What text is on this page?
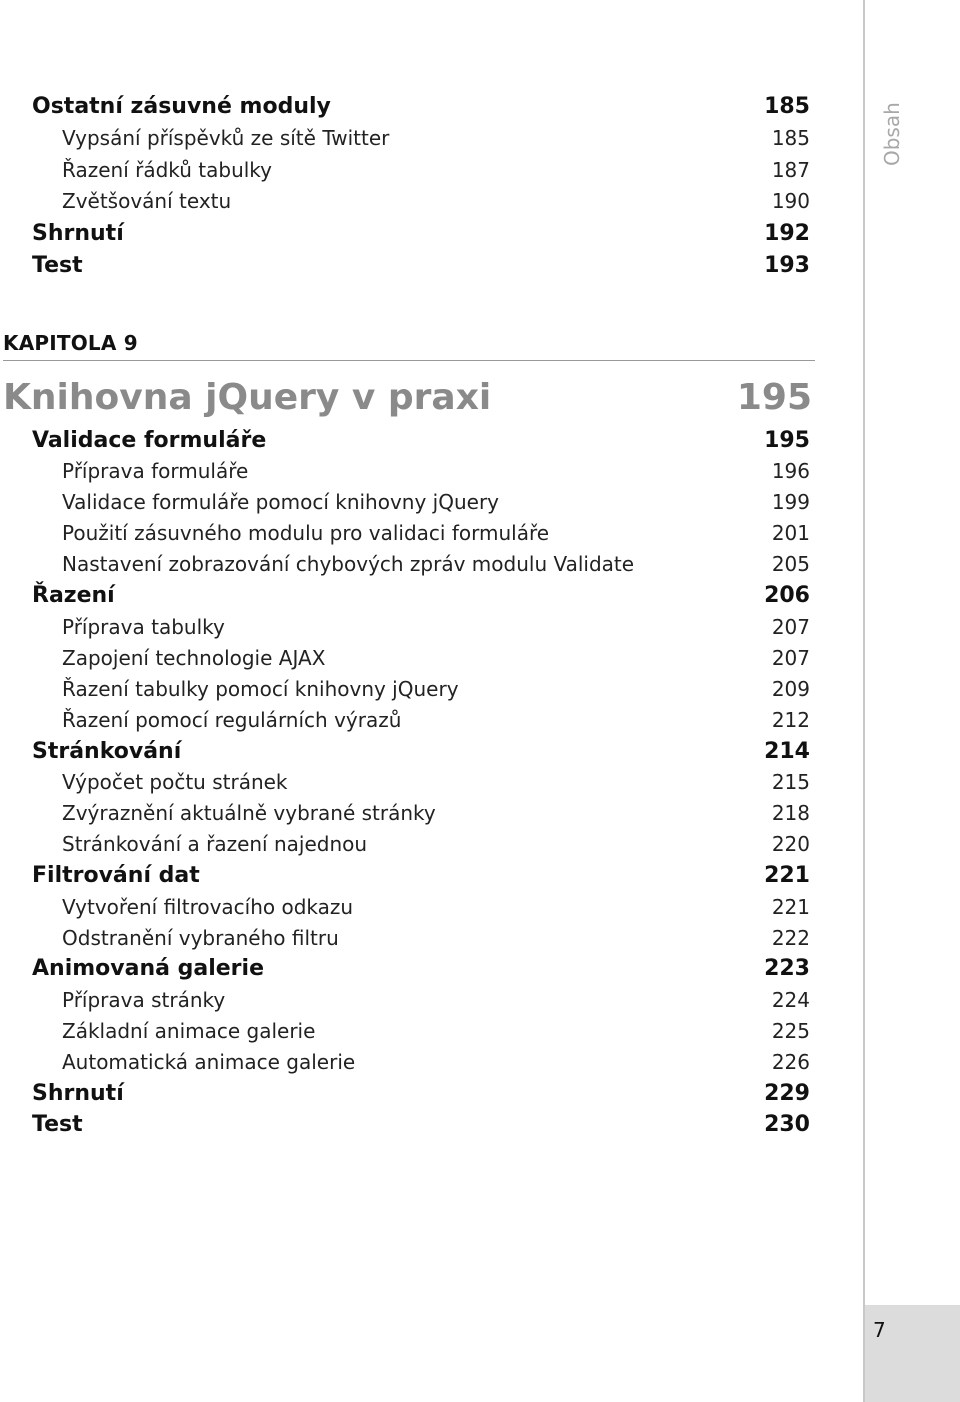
Ostatní zásuvné moduly	185
Vypsání příspěvků ze sítě Twitter	185
Řazení řádků tabulky	187
Zvětšování textu	190
Shrnutí	192
Test	193
KAPITOLA 9
Knihovna jQuery v praxi	195
Validace formuláře	195
Příprava formuláře	196
Validace formuláře pomocí knihovny jQuery	199
Použití zásuvného modulu pro validaci formuláře	201
Nastavení zobrazování chybových zpráv modulu Validate	205
Řazení	206
Příprava tabulky	207
Zapojení technologie AJAX	207
Řazení tabulky pomocí knihovny jQuery	209
Řazení pomocí regulárních výrazů	212
Stránkování	214
Výpočet počtu stránek	215
Zvýraznění aktuálně vybrané stránky	218
Stránkování a řazení najednou	220
Filtrování dat	221
Vytvoření filtrovacího odkazu	221
Odstranění vybraného filtru	222
Animovaná galerie	223
Příprava stránky	224
Základní animace galerie	225
Automatická animace galerie	226
Shrnutí	229
Test	230
Obsah
7
